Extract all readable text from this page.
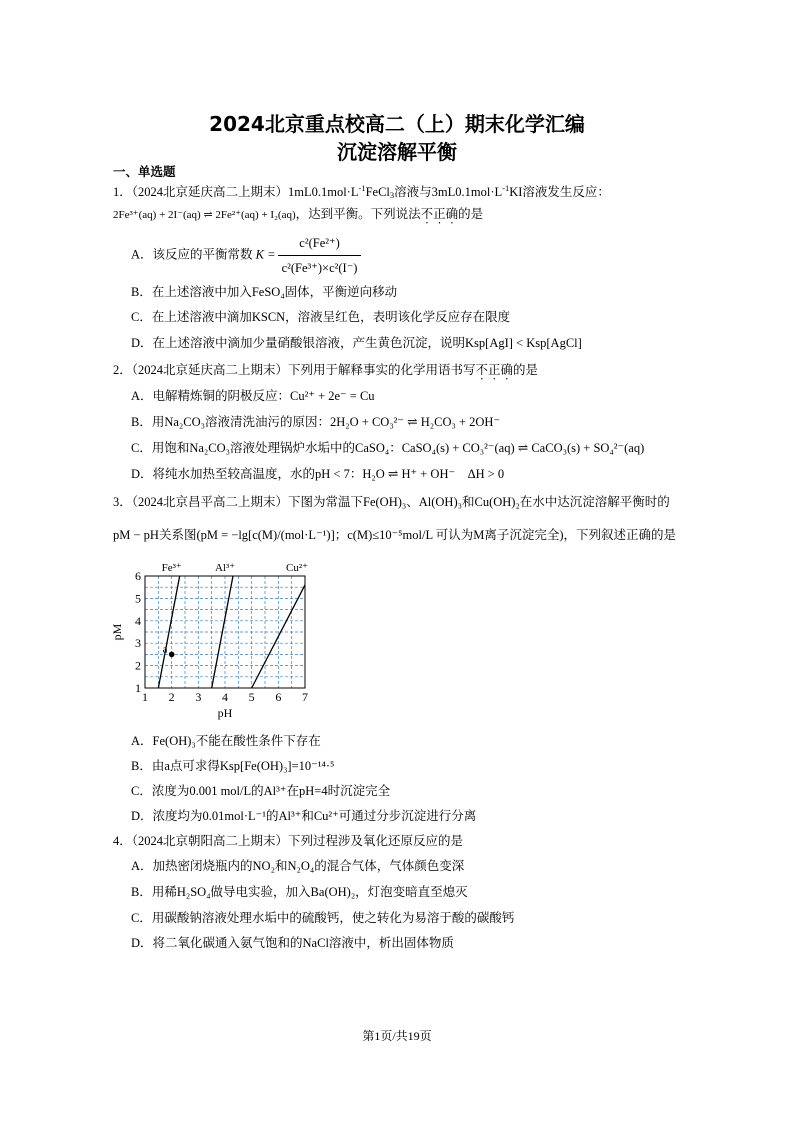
2024北京重点校高二（上）期末化学汇编
沉淀溶解平衡
一、单选题
1．（2024北京延庆高二上期末）$1mL0.1mol\cdot L^{-1}FeCl_3$溶液与$3mL0.1mol\cdot L^{-1}KI$溶液发生反应：
2Fe³⁺(aq) + 2I⁻(aq) ⇌ 2Fe²⁺(aq) + I₂(aq)，达到平衡。下列说法不正确的是
A．该反应的平衡常数 $K = \frac{\text{c²(Fe²⁺)}}{\text{c²(Fe³⁺)×c²(I⁻)}}$
B．在上述溶液中加入FeSO₄固体，平衡逆向移动
C．在上述溶液中滴加KSCN，溶液呈红色，表明该化学反应存在限度
D．在上述溶液中滴加少量硝酸银溶液，产生黄色沉淀，说明Ksp[AgI] < Ksp[AgCl]
2．（2024北京延庆高二上期末）下列用于解释事实的化学用语书写不正确的是
A．电解精炼铜的阴极反应：Cu²⁺ + 2e⁻ = Cu
B．用Na₂CO₃溶液清洗油污的原因：2H₂O + CO₃²⁻ ⇌ H₂CO₃ + 2OH⁻
C．用饱和Na₂CO₃溶液处理锅炉水垢中的CaSO₄：CaSO₄(s) + CO₃²⁻(aq) ⇌ CaCO₃(s) + SO₄²⁻(aq)
D．将纯水加热至较高温度，水的pH < 7：H₂O ⇌ H⁺ + OH⁻　ΔH > 0
3．（2024北京昌平高二上期末）下图为常温下Fe(OH)₃、Al(OH)₃和Cu(OH)₂在水中达沉淀溶解平衡时的
pM − pH关系图(pM = −lg[c(M)/(mol·L⁻¹)]；c(M)≤10⁻⁵mol/L 可认为M离子沉淀完全)，下列叙述正确的是
1 2 3 4 5 6 7
1
2
3
4
5
6
Fe³⁺	Al³⁺	Cu²⁺
a
pH
pM
A．Fe(OH)₃不能在酸性条件下存在
B．由a点可求得Ksp[Fe(OH)₃]=10⁻¹⁴·⁵
C．浓度为0.001 mol/L的Al³⁺在pH=4时沉淀完全
D．浓度均为0.01mol·L⁻¹的Al³⁺和Cu²⁺可通过分步沉淀进行分离
4．（2024北京朝阳高二上期末）下列过程涉及氧化还原反应的是
A．加热密闭烧瓶内的NO₂和N₂O₄的混合气体，气体颜色变深
B．用稀H₂SO₄做导电实验，加入Ba(OH)₂，灯泡变暗直至熄灭
C．用碳酸钠溶液处理水垢中的硫酸钙，使之转化为易溶于酸的碳酸钙
D．将二氧化碳通入氨气饱和的NaCl溶液中，析出固体物质
第1页/共19页
